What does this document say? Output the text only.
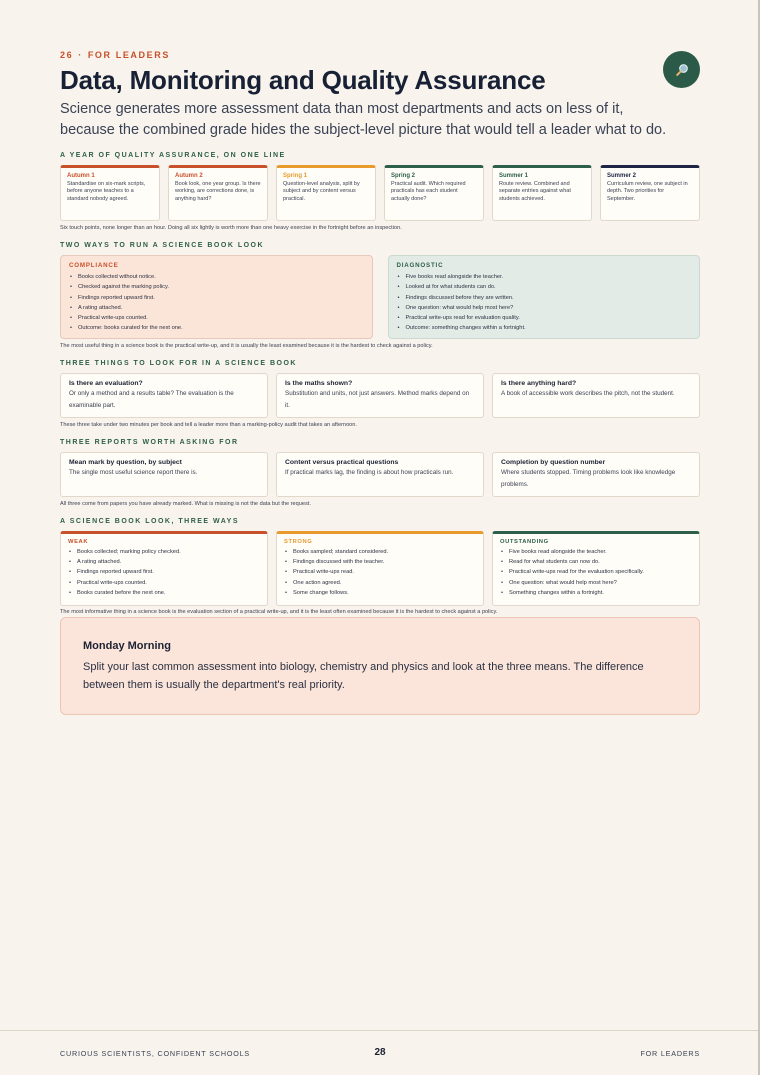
26 · FOR LEADERS
Data, Monitoring and Quality Assurance

Science generates more assessment data than most departments and acts on less of it, because the combined grade hides the subject-level picture that would tell a leader what to do.

A YEAR OF QUALITY ASSURANCE, ON ONE LINE
Autumn 1
Standardise on six-mark scripts, before anyone teaches to a standard nobody agreed.
Autumn 2
Book look, one year group. Is there working, are corrections done, is anything hard?
Spring 1
Question-level analysis, split by subject and by content versus practical.
Spring 2
Practical audit. Which required practicals has each student actually done?
Summer 1
Route review. Combined and separate entries against what students achieved.
Summer 2
Curriculum review, one subject in depth. Two priorities for September.
Six touch points, none longer than an hour. Doing all six lightly is worth more than one heavy exercise in the fortnight before an inspection.
TWO WAYS TO RUN A SCIENCE BOOK LOOK
COMPLIANCE
• Books collected without notice.
• Checked against the marking policy.
• Findings reported upward first.
• A rating attached.
• Practical write-ups counted.
• Outcome: books curated for the next one.
DIAGNOSTIC
• Five books read alongside the teacher.
• Looked at for what students can do.
• Findings discussed before they are written.
• One question: what would help most here?
• Practical write-ups read for evaluation quality.
• Outcome: something changes within a fortnight.
The most useful thing in a science book is the practical write-up, and it is usually the least examined because it is the hardest to check against a policy.
THREE THINGS TO LOOK FOR IN A SCIENCE BOOK
Is there an evaluation?
Or only a method and a results table? The evaluation is the examinable part.
Is the maths shown?
Substitution and units, not just answers. Method marks depend on it.
Is there anything hard?
A book of accessible work describes the pitch, not the student.
These three take under two minutes per book and tell a leader more than a marking-policy audit that takes an afternoon.
THREE REPORTS WORTH ASKING FOR
Mean mark by question, by subject
The single most useful science report there is.
Content versus practical questions
If practical marks lag, the finding is about how practicals run.
Completion by question number
Where students stopped. Timing problems look like knowledge problems.
All three come from papers you have already marked. What is missing is not the data but the request.
A SCIENCE BOOK LOOK, THREE WAYS
WEAK
• Books collected; marking policy checked.
• A rating attached.
• Findings reported upward first.
• Practical write-ups counted.
• Books curated before the next one.
STRONG
• Books sampled; standard considered.
• Findings discussed with the teacher.
• Practical write-ups read.
• One action agreed.
• Some change follows.
OUTSTANDING
• Five books read alongside the teacher.
• Read for what students can now do.
• Practical write-ups read for the evaluation specifically.
• One question: what would help most here?
• Something changes within a fortnight.
The most informative thing in a science book is the evaluation section of a practical write-up, and it is the least often examined because it is the hardest to check against a policy.
Monday Morning
Split your last common assessment into biology, chemistry and physics and look at the three means. The difference between them is usually the department's real priority.
CURIOUS SCIENTISTS, CONFIDENT SCHOOLS	28	FOR LEADERS
